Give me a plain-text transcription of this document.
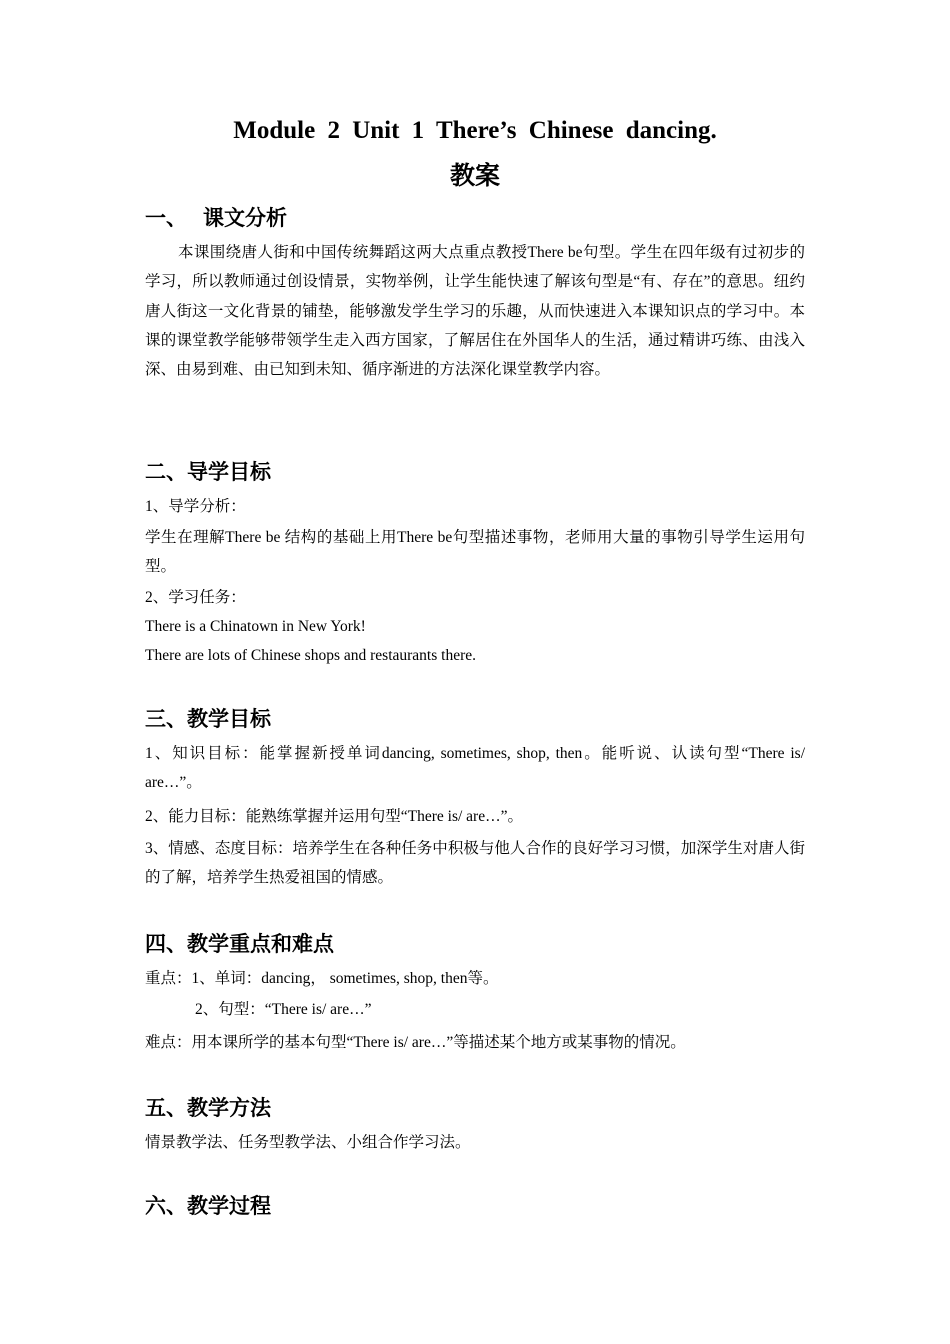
Module 2 Unit 1 There’s Chinese dancing.
教案
一、 课文分析
本课围绕唐人街和中国传统舞蹈这两大点重点教授There be句型。学生在四年级有过初步的学习，所以教师通过创设情景，实物举例，让学生能快速了解该句型是“有、存在”的意思。纽约唐人街这一文化背景的铺垫，能够激发学生学习的乐趣，从而快速进入本课知识点的学习中。本课的课堂教学能够带领学生走入西方国家，了解居住在外国华人的生活，通过精讲巧练、由浅入深、由易到难、由已知到未知、循序渐进的方法深化课堂教学内容。
二、导学目标
1、导学分析：
学生在理解There be 结构的基础上用There be句型描述事物，老师用大量的事物引导学生运用句型。
2、学习任务：
There is a Chinatown in New York!
There are lots of Chinese shops and restaurants there.
三、教学目标
1、知识目标：能掌握新授单词dancing, sometimes, shop, then。能听说、认读句型“There is/ are…”。
2、能力目标：能熟练掌握并运用句型“There is/ are…”。
3、情感、态度目标：培养学生在各种任务中积极与他人合作的良好学习习惯，加深学生对唐人街的了解，培养学生热爱祖国的情感。
四、教学重点和难点
重点：1、单词：dancing， sometimes, shop, then等。
2、句型：“There is/ are…”
难点：用本课所学的基本句型“There is/ are…”等描述某个地方或某事物的情况。
五、教学方法
情景教学法、任务型教学法、小组合作学习法。
六、教学过程
